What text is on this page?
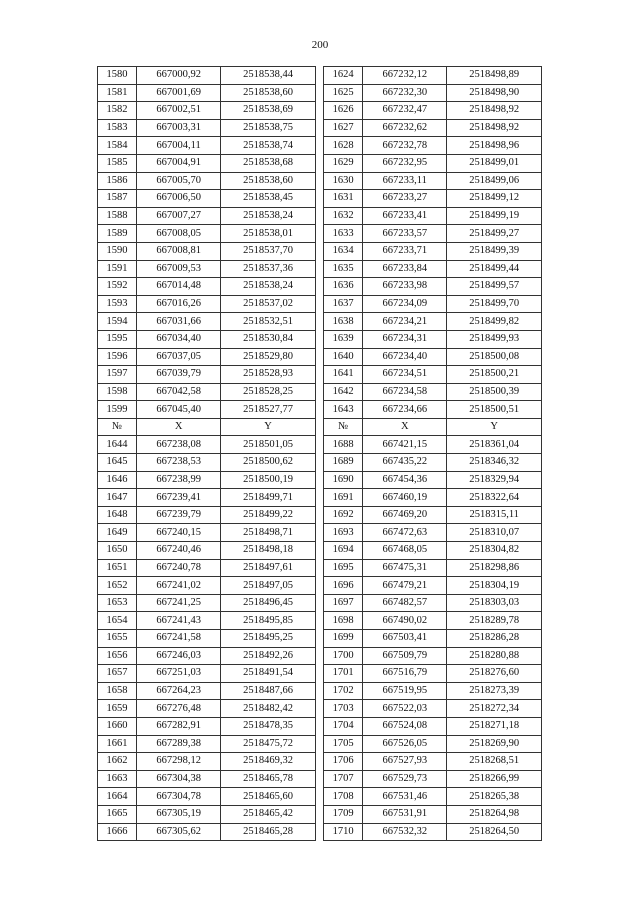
200
1580	667000,92	2518538,44		1624	667232,12	2518498,89
1581	667001,69	2518538,60		1625	667232,30	2518498,90
1582	667002,51	2518538,69		1626	667232,47	2518498,92
1583	667003,31	2518538,75		1627	667232,62	2518498,92
1584	667004,11	2518538,74		1628	667232,78	2518498,96
1585	667004,91	2518538,68		1629	667232,95	2518499,01
1586	667005,70	2518538,60		1630	667233,11	2518499,06
1587	667006,50	2518538,45		1631	667233,27	2518499,12
1588	667007,27	2518538,24		1632	667233,41	2518499,19
1589	667008,05	2518538,01		1633	667233,57	2518499,27
1590	667008,81	2518537,70		1634	667233,71	2518499,39
1591	667009,53	2518537,36		1635	667233,84	2518499,44
1592	667014,48	2518538,24		1636	667233,98	2518499,57
1593	667016,26	2518537,02		1637	667234,09	2518499,70
1594	667031,66	2518532,51		1638	667234,21	2518499,82
1595	667034,40	2518530,84		1639	667234,31	2518499,93
1596	667037,05	2518529,80		1640	667234,40	2518500,08
1597	667039,79	2518528,93		1641	667234,51	2518500,21
1598	667042,58	2518528,25		1642	667234,58	2518500,39
1599	667045,40	2518527,77		1643	667234,66	2518500,51
№	X	Y		№	X	Y
1644	667238,08	2518501,05		1688	667421,15	2518361,04
1645	667238,53	2518500,62		1689	667435,22	2518346,32
1646	667238,99	2518500,19		1690	667454,36	2518329,94
1647	667239,41	2518499,71		1691	667460,19	2518322,64
1648	667239,79	2518499,22		1692	667469,20	2518315,11
1649	667240,15	2518498,71		1693	667472,63	2518310,07
1650	667240,46	2518498,18		1694	667468,05	2518304,82
1651	667240,78	2518497,61		1695	667475,31	2518298,86
1652	667241,02	2518497,05		1696	667479,21	2518304,19
1653	667241,25	2518496,45		1697	667482,57	2518303,03
1654	667241,43	2518495,85		1698	667490,02	2518289,78
1655	667241,58	2518495,25		1699	667503,41	2518286,28
1656	667246,03	2518492,26		1700	667509,79	2518280,88
1657	667251,03	2518491,54		1701	667516,79	2518276,60
1658	667264,23	2518487,66		1702	667519,95	2518273,39
1659	667276,48	2518482,42		1703	667522,03	2518272,34
1660	667282,91	2518478,35		1704	667524,08	2518271,18
1661	667289,38	2518475,72		1705	667526,05	2518269,90
1662	667298,12	2518469,32		1706	667527,93	2518268,51
1663	667304,38	2518465,78		1707	667529,73	2518266,99
1664	667304,78	2518465,60		1708	667531,46	2518265,38
1665	667305,19	2518465,42		1709	667531,91	2518264,98
1666	667305,62	2518465,28		1710	667532,32	2518264,50
